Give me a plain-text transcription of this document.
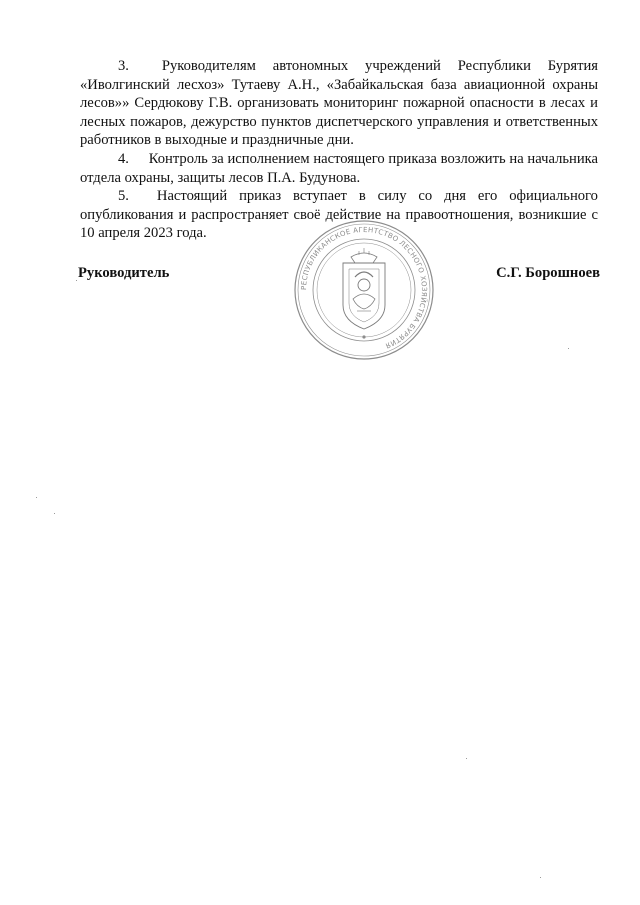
3. Руководителям автономных учреждений Республики Бурятия «Иволгинский лесхоз» Тутаеву А.Н., «Забайкальская база авиационной охраны лесов»» Сердюкову Г.В. организовать мониторинг пожарной опасности в лесах и лесных пожаров, дежурство пунктов диспетчерского управления и ответственных работников в выходные и праздничные дни.

4. Контроль за исполнением настоящего приказа возложить на начальника отдела охраны, защиты лесов П.А. Будунова.

5. Настоящий приказ вступает в силу со дня его официального опубликования и распространяет своё действие на правоотношения, возникшие с 10 апреля 2023 года.

Руководитель	С.Г. Борошноев
РЕСПУБЛИКАНСКОЕ АГЕНТСТВО ЛЕСНОГО ХОЗЯЙСТВА БУРЯТИЯ
